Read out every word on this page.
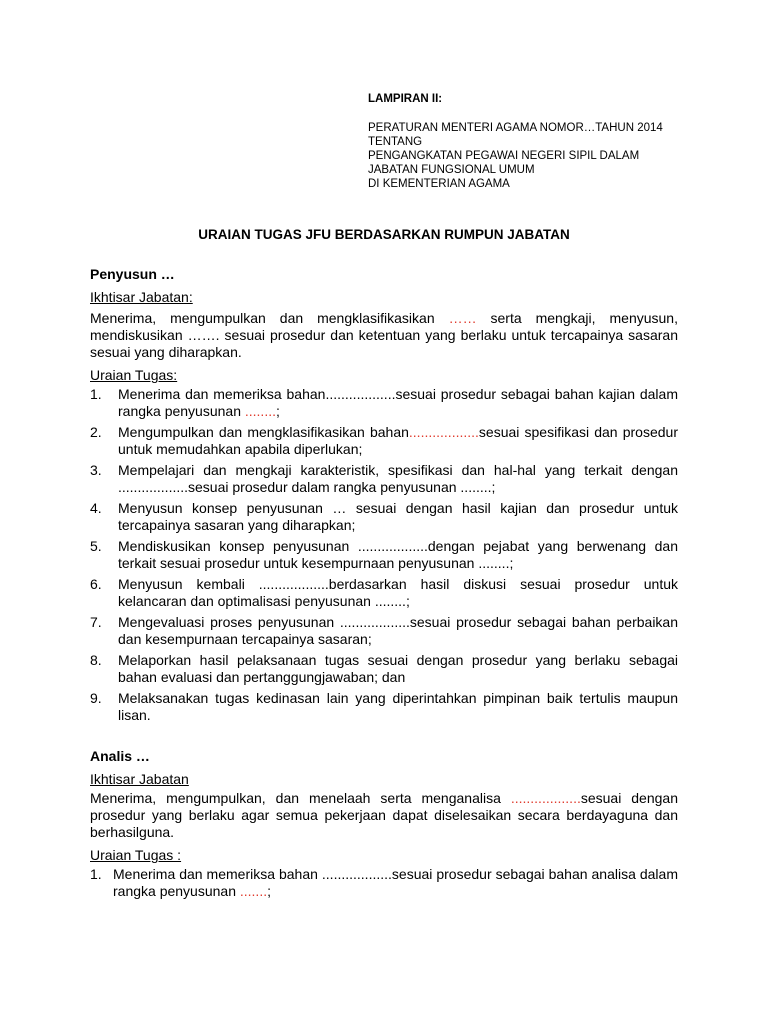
LAMPIRAN II:
PERATURAN MENTERI AGAMA NOMOR…TAHUN 2014
TENTANG
PENGANGKATAN PEGAWAI NEGERI SIPIL DALAM
JABATAN FUNGSIONAL UMUM
DI KEMENTERIAN AGAMA
URAIAN TUGAS JFU BERDASARKAN RUMPUN JABATAN

Penyusun …

Ikhtisar Jabatan:

Menerima, mengumpulkan dan mengklasifikasikan …… serta mengkaji, menyusun, mendiskusikan ……. sesuai prosedur dan ketentuan yang berlaku untuk tercapainya sasaran sesuai yang diharapkan.

Uraian Tugas:

1. Menerima dan memeriksa bahan..................sesuai prosedur sebagai bahan kajian dalam rangka penyusunan ........;
2. Mengumpulkan dan mengklasifikasikan bahan..................sesuai spesifikasi dan prosedur untuk memudahkan apabila diperlukan;
3. Mempelajari dan mengkaji karakteristik, spesifikasi dan hal-hal yang terkait dengan ..................sesuai prosedur dalam rangka penyusunan ........;
4. Menyusun konsep penyusunan … sesuai dengan hasil kajian dan prosedur untuk tercapainya sasaran yang diharapkan;
5. Mendiskusikan konsep penyusunan ..................dengan pejabat yang berwenang dan terkait sesuai prosedur untuk kesempurnaan penyusunan ........;
6. Menyusun kembali ..................berdasarkan hasil diskusi sesuai prosedur untuk kelancaran dan optimalisasi penyusunan ........;
7. Mengevaluasi proses penyusunan ..................sesuai prosedur sebagai bahan perbaikan dan kesempurnaan tercapainya sasaran;
8. Melaporkan hasil pelaksanaan tugas sesuai dengan prosedur yang berlaku sebagai bahan evaluasi dan pertanggungjawaban; dan
9. Melaksanakan tugas kedinasan lain yang diperintahkan pimpinan baik tertulis maupun lisan.

Analis …

Ikhtisar Jabatan

Menerima, mengumpulkan, dan menelaah serta menganalisa ..................sesuai dengan prosedur yang berlaku agar semua pekerjaan dapat diselesaikan secara berdayaguna dan berhasilguna.

Uraian Tugas :

1. Menerima dan memeriksa bahan ..................sesuai prosedur sebagai bahan analisa dalam rangka penyusunan .......;
